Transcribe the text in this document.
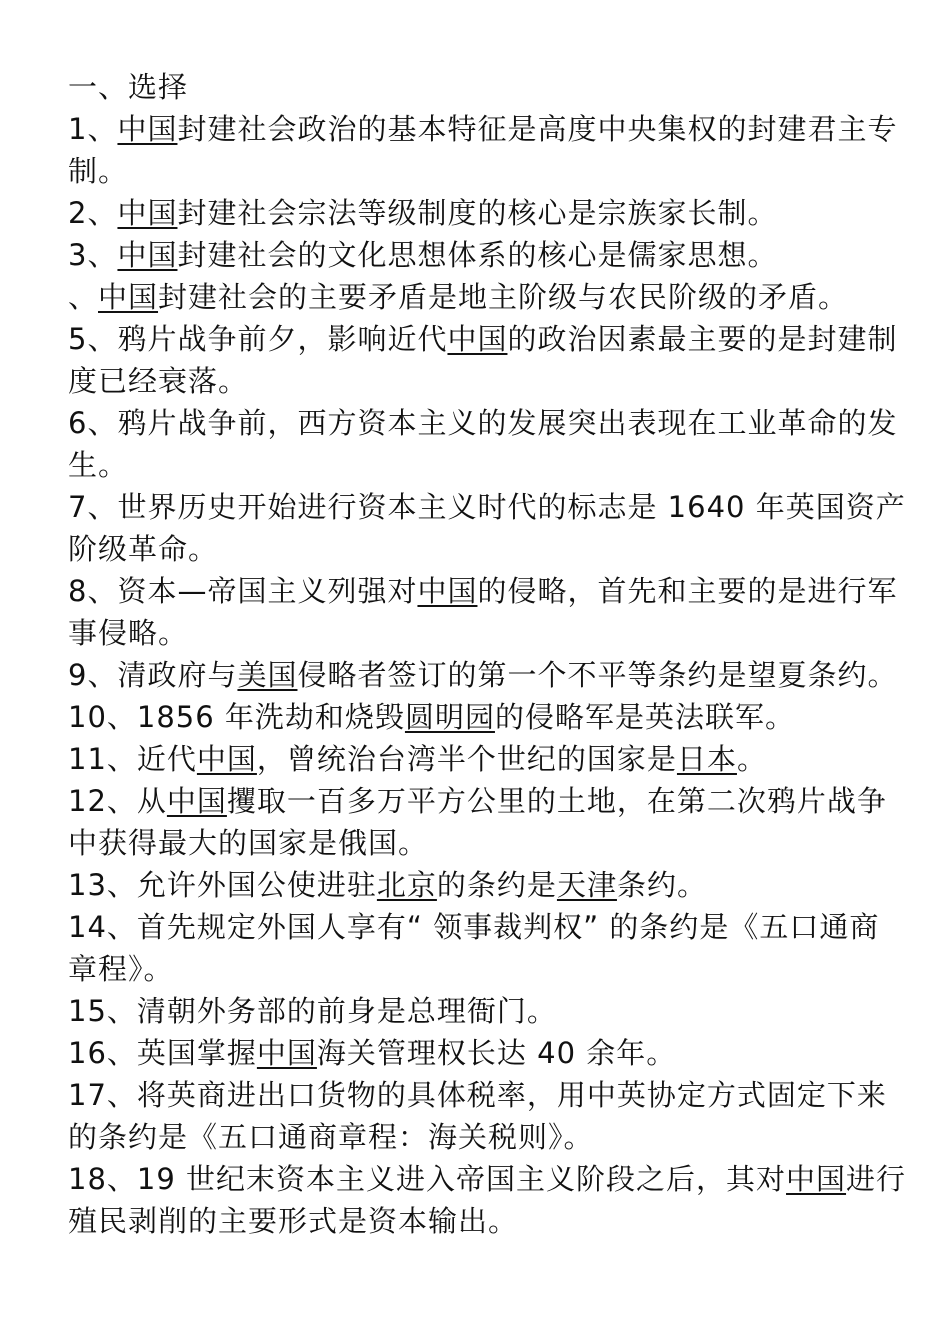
一、选择

1、中国封建社会政治的基本特征是高度中央集权的封建君主专制。

2、中国封建社会宗法等级制度的核心是宗族家长制。

3、中国封建社会的文化思想体系的核心是儒家思想。

、中国封建社会的主要矛盾是地主阶级与农民阶级的矛盾。

5、鸦片战争前夕，影响近代中国的政治因素最主要的是封建制度已经衰落。

6、鸦片战争前，西方资本主义的发展突出表现在工业革命的发生。

7、世界历史开始进行资本主义时代的标志是 1640 年英国资产阶级革命。

8、资本—帝国主义列强对中国的侵略，首先和主要的是进行军事侵略。

9、清政府与美国侵略者签订的第一个不平等条约是望夏条约。

10、1856 年洗劫和烧毁圆明园的侵略军是英法联军。

11、近代中国，曾统治台湾半个世纪的国家是日本。

12、从中国攫取一百多万平方公里的土地，在第二次鸦片战争中获得最大的国家是俄国。

13、允许外国公使进驻北京的条约是天津条约。

14、首先规定外国人享有“ 领事裁判权” 的条约是《五口通商章程》。

15、清朝外务部的前身是总理衙门。

16、英国掌握中国海关管理权长达 40 余年。

17、将英商进出口货物的具体税率，用中英协定方式固定下来的条约是《五口通商章程：海关税则》。

18、19 世纪末资本主义进入帝国主义阶段之后，其对中国进行殖民剥削的主要形式是资本输出。
